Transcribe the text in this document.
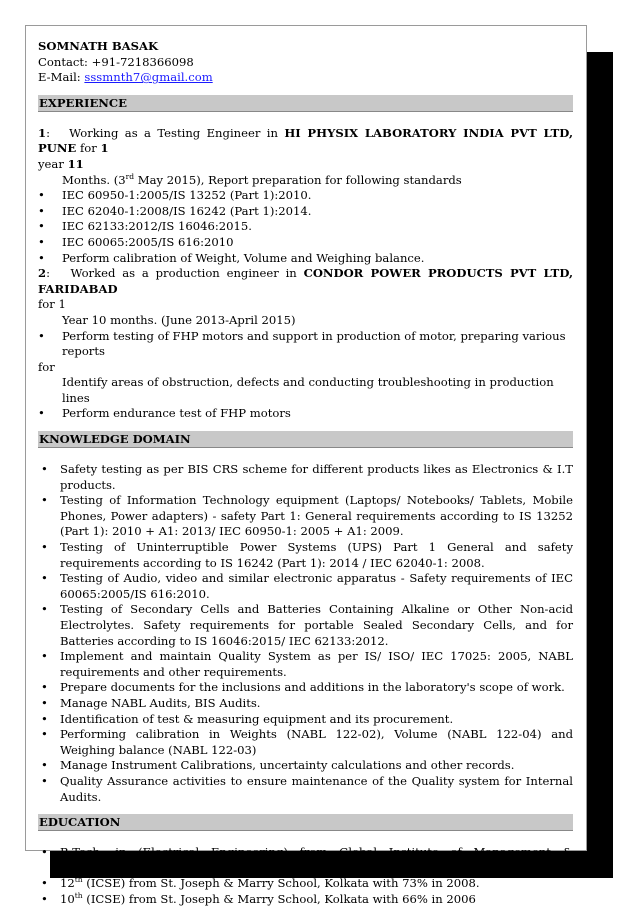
SOMNATH BASAK
Contact: +91-7218366098
E-Mail: sssmnth7@gmail.com
EXPERIENCE
1:   Working as a Testing Engineer in HI PHYSIX LABORATORY INDIA PVT LTD, PUNE for 1
year 11
Months. (3rd May 2015), Report preparation for following standards
• IEC 60950-1:2005/IS 13252 (Part 1):2010.
• IEC 62040-1:2008/IS 16242 (Part 1):2014.
• IEC 62133:2012/IS 16046:2015.
• IEC 60065:2005/IS 616:2010
• Perform calibration of Weight, Volume and Weighing balance.
2:   Worked as a production engineer in CONDOR POWER PRODUCTS PVT LTD, FARIDABAD
for 1
Year 10 months. (June 2013-April 2015)
• Perform testing of FHP motors and support in production of motor, preparing various reports
for
Identify areas of obstruction, defects and conducting troubleshooting in production lines
• Perform endurance test of FHP motors
KNOWLEDGE DOMAIN
• Safety testing as per BIS CRS scheme for different products likes as Electronics & I.T products.
• Testing of Information Technology equipment (Laptops/ Notebooks/ Tablets, Mobile Phones, Power adapters) - safety Part 1: General requirements according to IS 13252 (Part 1): 2010 + A1: 2013/ IEC 60950-1: 2005 + A1: 2009.
• Testing of Uninterruptible Power Systems (UPS) Part 1 General and safety requirements according to IS 16242 (Part 1): 2014 / IEC 62040-1: 2008.
• Testing of Audio, video and similar electronic apparatus - Safety requirements of IEC 60065:2005/IS 616:2010.
• Testing of Secondary Cells and Batteries Containing Alkaline or Other Non-acid Electrolytes. Safety requirements for portable Sealed Secondary Cells, and for Batteries according to IS 16046:2015/ IEC 62133:2012.
• Implement and maintain Quality System as per IS/ ISO/ IEC 17025: 2005, NABL requirements and other requirements.
• Prepare documents for the inclusions and additions in the laboratory's scope of work.
• Manage NABL Audits, BIS Audits.
• Identification of test & measuring equipment and its procurement.
• Performing calibration in Weights (NABL 122-02), Volume (NABL 122-04) and Weighing balance (NABL 122-03)
• Manage Instrument Calibrations, uncertainty calculations and other records.
• Quality Assurance activities to ensure maintenance of the Quality system for Internal Audits.
EDUCATION
• B.Tech. in (Electrical Engineering) from Global Institute of Management & Technology, Krishnagar, W.B.U.T, with 7.61(dgpa) in 2013
• 12th (ICSE) from St. Joseph & Marry School, Kolkata with 73% in 2008.
• 10th (ICSE) from St. Joseph & Marry School, Kolkata with 66% in 2006
